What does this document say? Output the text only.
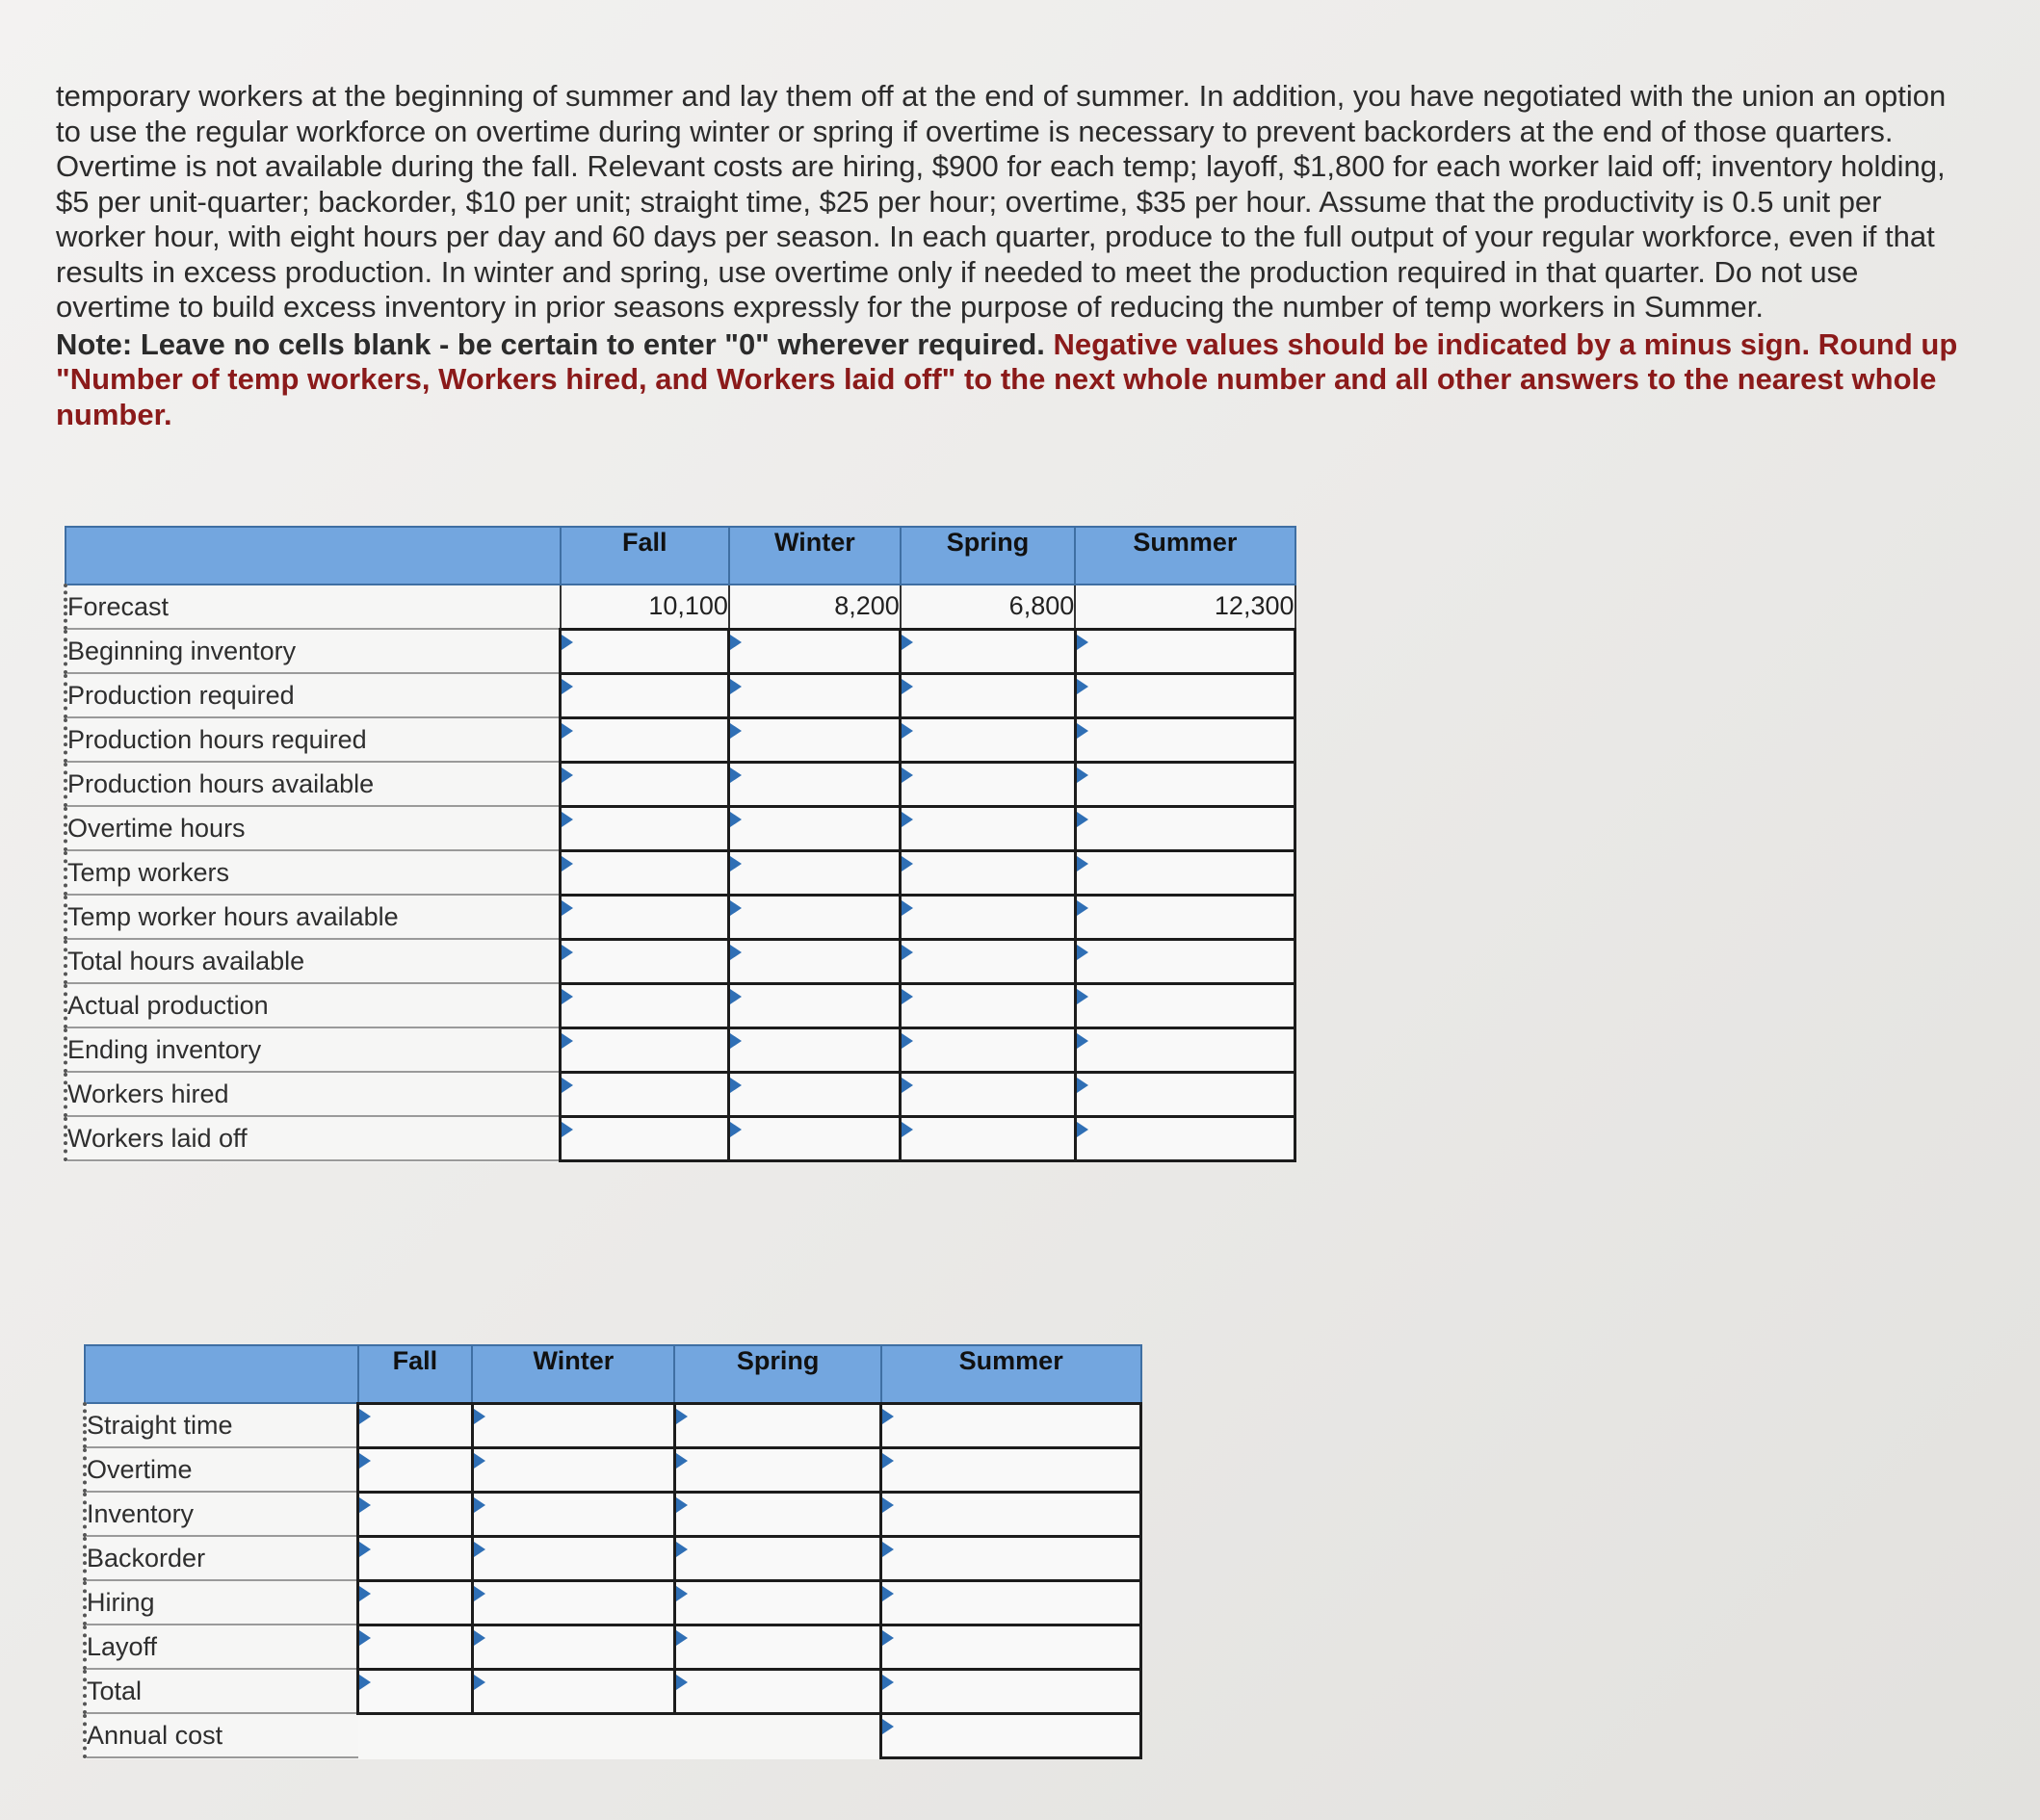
temporary workers at the beginning of summer and lay them off at the end of summer. In addition, you have negotiated with the union an option to use the regular workforce on overtime during winter or spring if overtime is necessary to prevent backorders at the end of those quarters. Overtime is not available during the fall. Relevant costs are hiring, $900 for each temp; layoff, $1,800 for each worker laid off; inventory holding, $5 per unit-quarter; backorder, $10 per unit; straight time, $25 per hour; overtime, $35 per hour. Assume that the productivity is 0.5 unit per worker hour, with eight hours per day and 60 days per season. In each quarter, produce to the full output of your regular workforce, even if that results in excess production. In winter and spring, use overtime only if needed to meet the production required in that quarter. Do not use overtime to build excess inventory in prior seasons expressly for the purpose of reducing the number of temp workers in Summer.

Note: Leave no cells blank - be certain to enter "0" wherever required. Negative values should be indicated by a minus sign. Round up "Number of temp workers, Workers hired, and Workers laid off" to the next whole number and all other answers to the nearest whole number.

	Fall	Winter	Spring	Summer
Forecast	10,100	8,200	6,800	12,300
Beginning inventory				
Production required				
Production hours required				
Production hours available				
Overtime hours				
Temp workers				
Temp worker hours available				
Total hours available				
Actual production				
Ending inventory				
Workers hired				
Workers laid off				
	Fall	Winter	Spring	Summer
Straight time				
Overtime				
Inventory				
Backorder				
Hiring				
Layoff				
Total				
Annual cost				
